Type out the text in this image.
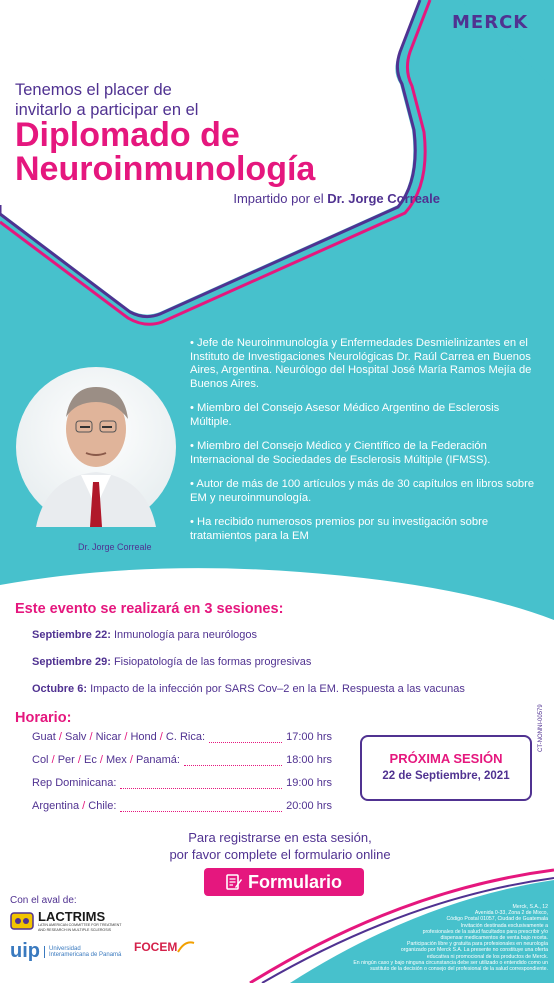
MERCK
Tenemos el placer de
invitarlo a participar en el
Diplomado de
Neuroinmunología
Impartido por el Dr. Jorge Correale
Dr. Jorge Correale

• Jefe de Neuroinmunología y Enfermedades Desmielinizantes en el Instituto de Investigaciones Neurológicas Dr. Raúl Carrea en Buenos Aires, Argentina. Neurólogo del Hospital José María Ramos Mejía de Buenos Aires.

• Miembro del Consejo Asesor Médico Argentino de Esclerosis Múltiple.

• Miembro del Consejo Médico y Científico de la Federación Internacional de Sociedades de Esclerosis Múltiple (IFMSS).

• Autor de más de 100 artículos y más de 30 capítulos en libros sobre EM y neuroinmunología.

• Ha recibido numerosos premios por su investigación sobre tratamientos para la EM

Este evento se realizará en 3 sesiones:
Septiembre 22: Inmunología para neurólogos
Septiembre 29: Fisiopatología de las formas progresivas
Octubre 6: Impacto de la infección por SARS Cov–2 en la EM. Respuesta a las vacunas
Horario:
Guat / Salv / Nicar / Hond / C. Rica:	17:00 hrs
Col / Per / Ec / Mex / Panamá:	18:00 hrs
Rep Dominicana:	19:00 hrs
Argentina / Chile:	20:00 hrs
PRÓXIMA SESIÓN
22 de Septiembre, 2021
CT-NONNI-00579
Para registrarse en esta sesión,
por favor complete el formulario online
Formulario
Con el aval de:
LACTRIMS
LATIN AMERICAN COMMITTEE FOR TREATMENT AND RESEARCH IN MULTIPLE SCLEROSIS
uip Universidad
Interamericana de Panamá
FOCEM
Merck, S.A., 12
Avenida 0-33, Zona 2 de Mixco,
Código Postal 01057, Ciudad de Guatemala
Invitación destinada exclusivamente a
profesionales de la salud facultados para prescribir y/o
dispensar medicamentos de venta bajo receta.
Participación libre y gratuita para profesionales en neurología
organizado por Merck S.A. La presente no constituye una oferta
educativa ni promocional de los productos de Merck.
En ningún caso y bajo ninguna circunstancia debe ser utilizado o entendido como un
sustituto de la decisión o consejo del profesional de la salud correspondiente.
